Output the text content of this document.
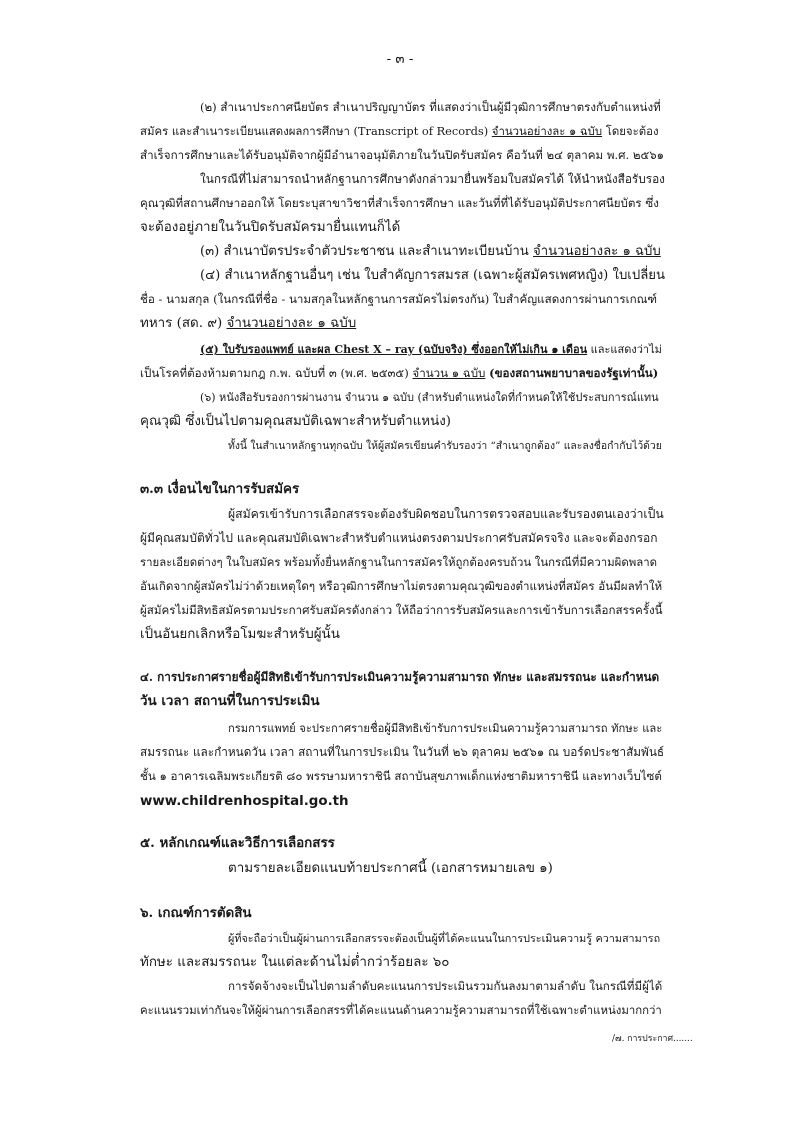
- ๓ -
(๒) สำเนาประกาศนียบัตร สำเนาปริญญาบัตร ที่แสดงว่าเป็นผู้มีวุฒิการศึกษาตรงกับตำแหน่งที่
สมัคร และสำเนาระเบียนแสดงผลการศึกษา (Transcript of Records) จำนวนอย่างละ ๑ ฉบับ โดยจะต้อง
สำเร็จการศึกษาและได้รับอนุมัติจากผู้มีอำนาจอนุมัติภายในวันปิดรับสมัคร คือวันที่ ๒๔ ตุลาคม พ.ศ. ๒๕๖๑
ในกรณีที่ไม่สามารถนำหลักฐานการศึกษาดังกล่าวมายื่นพร้อมใบสมัครได้ ให้นำหนังสือรับรอง
คุณวุฒิที่สถานศึกษาออกให้ โดยระบุสาขาวิชาที่สำเร็จการศึกษา และวันที่ที่ได้รับอนุมัติประกาศนียบัตร ซึ่ง
จะต้องอยู่ภายในวันปิดรับสมัครมายื่นแทนก็ได้
(๓) สำเนาบัตรประจำตัวประชาชน และสำเนาทะเบียนบ้าน จำนวนอย่างละ ๑ ฉบับ
(๔) สำเนาหลักฐานอื่นๆ เช่น ใบสำคัญการสมรส (เฉพาะผู้สมัครเพศหญิง) ใบเปลี่ยน
ชื่อ - นามสกุล (ในกรณีที่ชื่อ - นามสกุลในหลักฐานการสมัครไม่ตรงกัน) ใบสำคัญแสดงการผ่านการเกณฑ์
ทหาร (สด. ๙) จำนวนอย่างละ ๑ ฉบับ
(๕) ใบรับรองแพทย์ และผล Chest X – ray (ฉบับจริง) ซึ่งออกให้ไม่เกิน ๑ เดือน และแสดงว่าไม่
เป็นโรคที่ต้องห้ามตามกฎ ก.พ. ฉบับที่ ๓ (พ.ศ. ๒๕๓๕) จำนวน ๑ ฉบับ (ของสถานพยาบาลของรัฐเท่านั้น)
(๖) หนังสือรับรองการผ่านงาน จำนวน ๑ ฉบับ (สำหรับตำแหน่งใดที่กำหนดให้ใช้ประสบการณ์แทน
คุณวุฒิ ซึ่งเป็นไปตามคุณสมบัติเฉพาะสำหรับตำแหน่ง)
ทั้งนี้ ในสำเนาหลักฐานทุกฉบับ ให้ผู้สมัครเขียนคำรับรองว่า “สำเนาถูกต้อง” และลงชื่อกำกับไว้ด้วย
๓.๓ เงื่อนไขในการรับสมัคร
ผู้สมัครเข้ารับการเลือกสรรจะต้องรับผิดชอบในการตรวจสอบและรับรองตนเองว่าเป็น
ผู้มีคุณสมบัติทั่วไป และคุณสมบัติเฉพาะสำหรับตำแหน่งตรงตามประกาศรับสมัครจริง และจะต้องกรอก
รายละเอียดต่างๆ ในใบสมัคร พร้อมทั้งยื่นหลักฐานในการสมัครให้ถูกต้องครบถ้วน ในกรณีที่มีความผิดพลาด
อันเกิดจากผู้สมัครไม่ว่าด้วยเหตุใดๆ หรือวุฒิการศึกษาไม่ตรงตามคุณวุฒิของตำแหน่งที่สมัคร อันมีผลทำให้
ผู้สมัครไม่มีสิทธิสมัครตามประกาศรับสมัครดังกล่าว ให้ถือว่าการรับสมัครและการเข้ารับการเลือกสรรครั้งนี้
เป็นอันยกเลิกหรือโมฆะสำหรับผู้นั้น
๔. การประกาศรายชื่อผู้มีสิทธิเข้ารับการประเมินความรู้ความสามารถ ทักษะ และสมรรถนะ และกำหนด
วัน เวลา สถานที่ในการประเมิน
กรมการแพทย์ จะประกาศรายชื่อผู้มีสิทธิเข้ารับการประเมินความรู้ความสามารถ ทักษะ และ
สมรรถนะ และกำหนดวัน เวลา สถานที่ในการประเมิน ในวันที่ ๒๖ ตุลาคม ๒๕๖๑ ณ บอร์ดประชาสัมพันธ์
ชั้น ๑ อาคารเฉลิมพระเกียรติ ๘๐ พรรษามหาราชินี สถาบันสุขภาพเด็กแห่งชาติมหาราชินี และทางเว็บไซต์
www.childrenhospital.go.th
๕. หลักเกณฑ์และวิธีการเลือกสรร
ตามรายละเอียดแนบท้ายประกาศนี้ (เอกสารหมายเลข ๑)
๖. เกณฑ์การตัดสิน
ผู้ที่จะถือว่าเป็นผู้ผ่านการเลือกสรรจะต้องเป็นผู้ที่ได้คะแนนในการประเมินความรู้ ความสามารถ
ทักษะ และสมรรถนะ ในแต่ละด้านไม่ต่ำกว่าร้อยละ ๖๐
การจัดจ้างจะเป็นไปตามลำดับคะแนนการประเมินรวมกันลงมาตามลำดับ ในกรณีที่มีผู้ได้
คะแนนรวมเท่ากันจะให้ผู้ผ่านการเลือกสรรที่ได้คะแนนด้านความรู้ความสามารถที่ใช้เฉพาะตำแหน่งมากกว่า
/๗. การประกาศ.......
